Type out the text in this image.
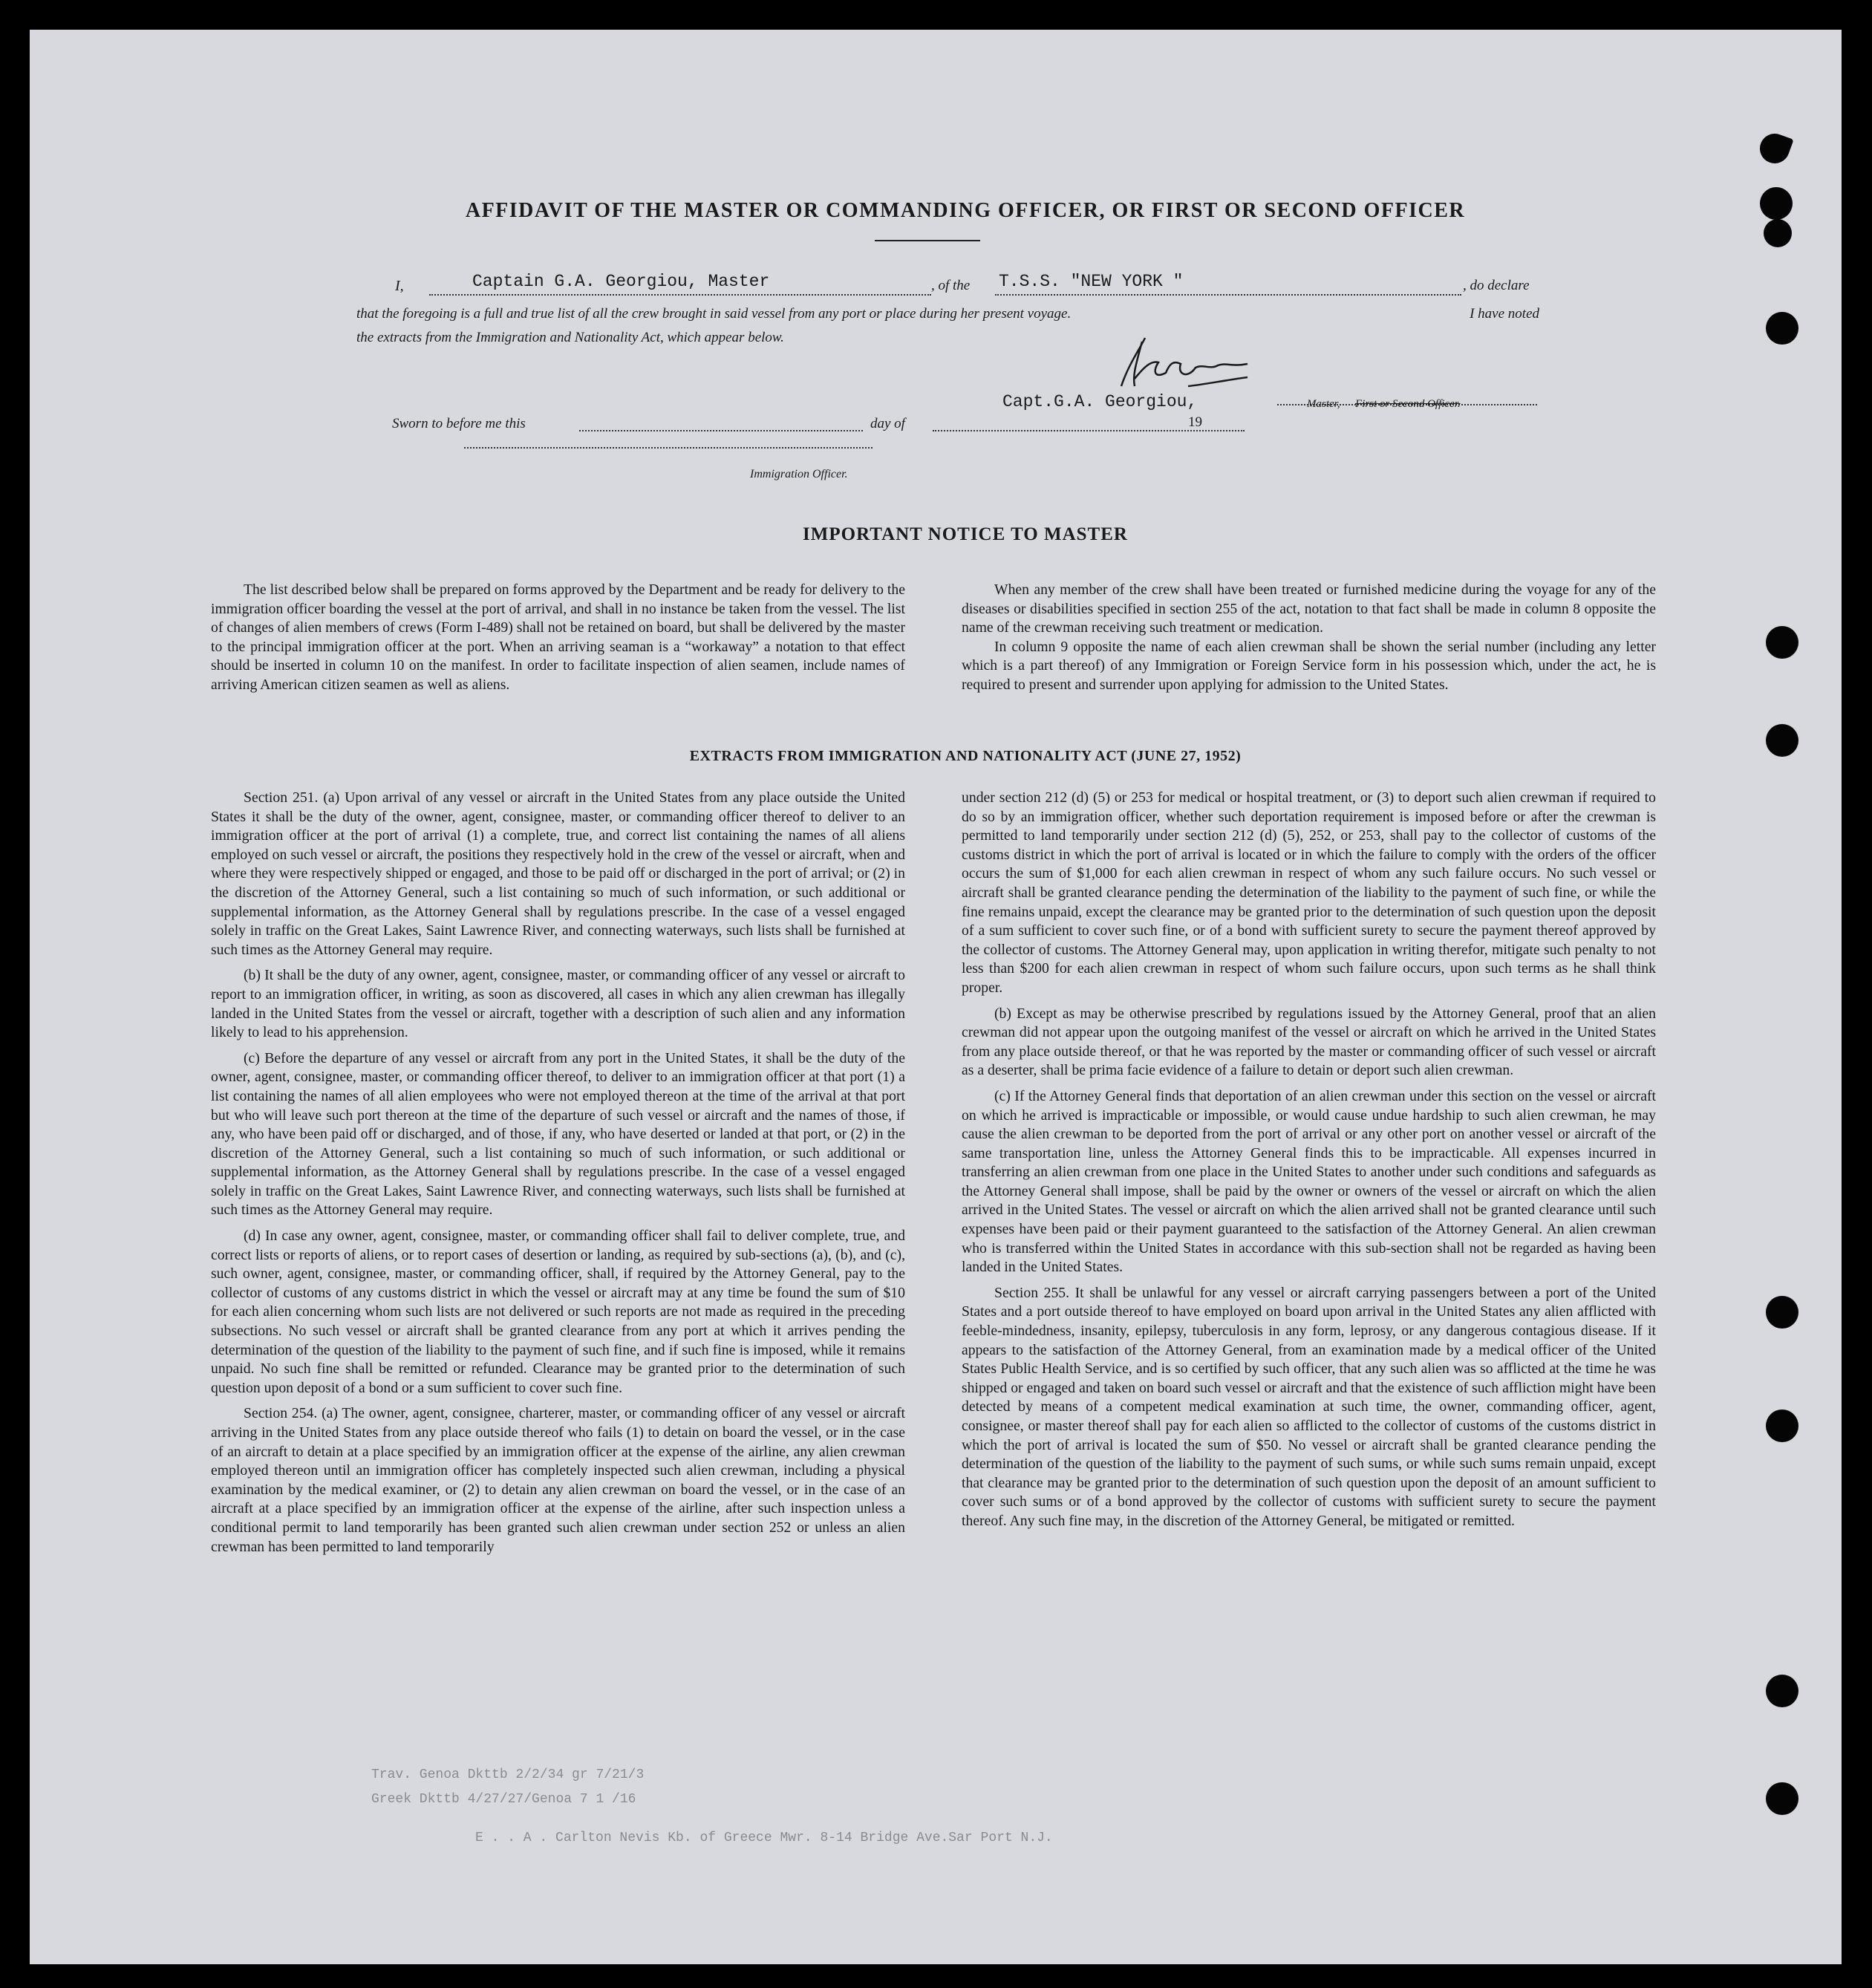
AFFIDAVIT OF THE MASTER OR COMMANDING OFFICER, OR FIRST OR SECOND OFFICER
I,	Captain G.A. Georgiou, Master	, of the T.S.S. "NEW YORK "	, do declare
that the foregoing is a full and true list of all the crew brought in said vessel from any port or place during her present voyage.	I have noted
the extracts from the Immigration and Nationality Act, which appear below.
Capt.G.A. Georgiou,	Master, First or Second Officer.
Sworn to before me this	day of	19
Immigration Officer.
IMPORTANT NOTICE TO MASTER

The list described below shall be prepared on forms approved by the Department and be ready for delivery to the immigration officer boarding the vessel at the port of arrival, and shall in no instance be taken from the vessel. The list of changes of alien members of crews (Form I-489) shall not be retained on board, but shall be delivered by the master to the principal immigration officer at the port. When an arriving seaman is a “workaway” a notation to that effect should be inserted in column 10 on the manifest. In order to facilitate inspection of alien seamen, include names of arriving American citizen seamen as well as aliens.

When any member of the crew shall have been treated or furnished medicine during the voyage for any of the diseases or disabilities specified in section 255 of the act, notation to that fact shall be made in column 8 opposite the name of the crewman receiving such treatment or medication.

In column 9 opposite the name of each alien crewman shall be shown the serial number (including any letter which is a part thereof) of any Immigration or Foreign Service form in his possession which, under the act, he is required to present and surrender upon applying for admission to the United States.

EXTRACTS FROM IMMIGRATION AND NATIONALITY ACT (JUNE 27, 1952)

Section 251. (a) Upon arrival of any vessel or aircraft in the United States from any place outside the United States it shall be the duty of the owner, agent, consignee, master, or commanding officer thereof to deliver to an immigration officer at the port of arrival (1) a complete, true, and correct list containing the names of all aliens employed on such vessel or aircraft, the positions they respectively hold in the crew of the vessel or aircraft, when and where they were respectively shipped or engaged, and those to be paid off or discharged in the port of arrival; or (2) in the discretion of the Attorney General, such a list containing so much of such information, or such additional or supplemental information, as the Attorney General shall by regulations prescribe. In the case of a vessel engaged solely in traffic on the Great Lakes, Saint Lawrence River, and connecting waterways, such lists shall be furnished at such times as the Attorney General may require.

(b) It shall be the duty of any owner, agent, consignee, master, or commanding officer of any vessel or aircraft to report to an immigration officer, in writing, as soon as discovered, all cases in which any alien crewman has illegally landed in the United States from the vessel or aircraft, together with a description of such alien and any information likely to lead to his apprehension.

(c) Before the departure of any vessel or aircraft from any port in the United States, it shall be the duty of the owner, agent, consignee, master, or commanding officer thereof, to deliver to an immigration officer at that port (1) a list containing the names of all alien employees who were not employed thereon at the time of the arrival at that port but who will leave such port thereon at the time of the departure of such vessel or aircraft and the names of those, if any, who have been paid off or discharged, and of those, if any, who have deserted or landed at that port, or (2) in the discretion of the Attorney General, such a list containing so much of such information, or such additional or supplemental information, as the Attorney General shall by regulations prescribe. In the case of a vessel engaged solely in traffic on the Great Lakes, Saint Lawrence River, and connecting waterways, such lists shall be furnished at such times as the Attorney General may require.

(d) In case any owner, agent, consignee, master, or commanding officer shall fail to deliver complete, true, and correct lists or reports of aliens, or to report cases of desertion or landing, as required by sub-sections (a), (b), and (c), such owner, agent, consignee, master, or commanding officer, shall, if required by the Attorney General, pay to the collector of customs of any customs district in which the vessel or aircraft may at any time be found the sum of $10 for each alien concerning whom such lists are not delivered or such reports are not made as required in the preceding subsections. No such vessel or aircraft shall be granted clearance from any port at which it arrives pending the determination of the question of the liability to the payment of such fine, and if such fine is imposed, while it remains unpaid. No such fine shall be remitted or refunded. Clearance may be granted prior to the determination of such question upon deposit of a bond or a sum sufficient to cover such fine.

Section 254. (a) The owner, agent, consignee, charterer, master, or commanding officer of any vessel or aircraft arriving in the United States from any place outside thereof who fails (1) to detain on board the vessel, or in the case of an aircraft to detain at a place specified by an immigration officer at the expense of the airline, any alien crewman employed thereon until an immigration officer has completely inspected such alien crewman, including a physical examination by the medical examiner, or (2) to detain any alien crewman on board the vessel, or in the case of an aircraft at a place specified by an immigration officer at the expense of the airline, after such inspection unless a conditional permit to land temporarily has been granted such alien crewman under section 252 or unless an alien crewman has been permitted to land temporarily

under section 212 (d) (5) or 253 for medical or hospital treatment, or (3) to deport such alien crewman if required to do so by an immigration officer, whether such deportation requirement is imposed before or after the crewman is permitted to land temporarily under section 212 (d) (5), 252, or 253, shall pay to the collector of customs of the customs district in which the port of arrival is located or in which the failure to comply with the orders of the officer occurs the sum of $1,000 for each alien crewman in respect of whom any such failure occurs. No such vessel or aircraft shall be granted clearance pending the determination of the liability to the payment of such fine, or while the fine remains unpaid, except the clearance may be granted prior to the determination of such question upon the deposit of a sum sufficient to cover such fine, or of a bond with sufficient surety to secure the payment thereof approved by the collector of customs. The Attorney General may, upon application in writing therefor, mitigate such penalty to not less than $200 for each alien crewman in respect of whom such failure occurs, upon such terms as he shall think proper.

(b) Except as may be otherwise prescribed by regulations issued by the Attorney General, proof that an alien crewman did not appear upon the outgoing manifest of the vessel or aircraft on which he arrived in the United States from any place outside thereof, or that he was reported by the master or commanding officer of such vessel or aircraft as a deserter, shall be prima facie evidence of a failure to detain or deport such alien crewman.

(c) If the Attorney General finds that deportation of an alien crewman under this section on the vessel or aircraft on which he arrived is impracticable or impossible, or would cause undue hardship to such alien crewman, he may cause the alien crewman to be deported from the port of arrival or any other port on another vessel or aircraft of the same transportation line, unless the Attorney General finds this to be impracticable. All expenses incurred in transferring an alien crewman from one place in the United States to another under such conditions and safeguards as the Attorney General shall impose, shall be paid by the owner or owners of the vessel or aircraft on which the alien arrived in the United States. The vessel or aircraft on which the alien arrived shall not be granted clearance until such expenses have been paid or their payment guaranteed to the satisfaction of the Attorney General. An alien crewman who is transferred within the United States in accordance with this sub-section shall not be regarded as having been landed in the United States.

Section 255. It shall be unlawful for any vessel or aircraft carrying passengers between a port of the United States and a port outside thereof to have employed on board upon arrival in the United States any alien afflicted with feeble-mindedness, insanity, epilepsy, tuberculosis in any form, leprosy, or any dangerous contagious disease. If it appears to the satisfaction of the Attorney General, from an examination made by a medical officer of the United States Public Health Service, and is so certified by such officer, that any such alien was so afflicted at the time he was shipped or engaged and taken on board such vessel or aircraft and that the existence of such affliction might have been detected by means of a competent medical examination at such time, the owner, commanding officer, agent, consignee, or master thereof shall pay for each alien so afflicted to the collector of customs of the customs district in which the port of arrival is located the sum of $50. No vessel or aircraft shall be granted clearance pending the determination of the question of the liability to the payment of such sums, or while such sums remain unpaid, except that clearance may be granted prior to the determination of such question upon the deposit of an amount sufficient to cover such sums or of a bond approved by the collector of customs with sufficient surety to secure the payment thereof. Any such fine may, in the discretion of the Attorney General, be mitigated or remitted.

Trav. Genoa Dkttb 2/2/34 gr 7/21/3
Greek Dkttb 4/27/27/Genoa 7 1 /16
E . . A . Carlton Nevis Kb. of Greece Mwr. 8-14 Bridge Ave.Sar Port N.J.
